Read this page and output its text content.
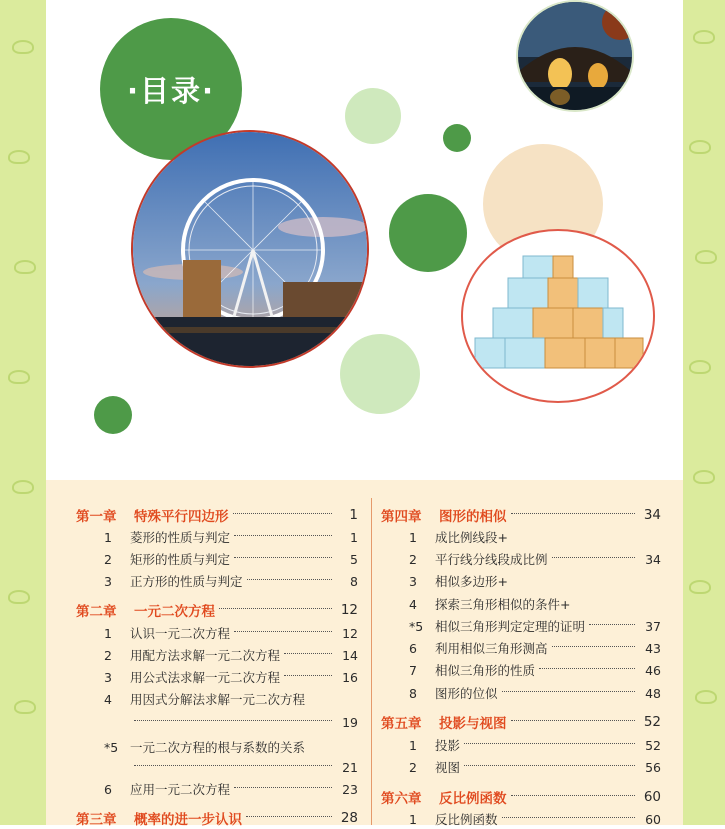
·目录·
第一章	特殊平行四边形	1
1	菱形的性质与判定	1
2	矩形的性质与判定	5
3	正方形的性质与判定	8
第二章	一元二次方程	12
1	认识一元二次方程	12
2	用配方法求解一元二次方程	14
3	用公式法求解一元二次方程	16
4	用因式分解法求解一元二次方程
19
*5 一元二次方程的根与系数的关系
21
6	应用一元二次方程	23
第三章	概率的进一步认识	28
第四章	图形的相似	34
1	成比例线段+
2	平行线分线段成比例	34
3	相似多边形+
4	探索三角形相似的条件+
*5 相似三角形判定定理的证明	37
6	利用相似三角形测高	43
7	相似三角形的性质	46
8	图形的位似	48
第五章	投影与视图	52
1	投影	52
2	视图	56
第六章	反比例函数	60
1	反比例函数	60
